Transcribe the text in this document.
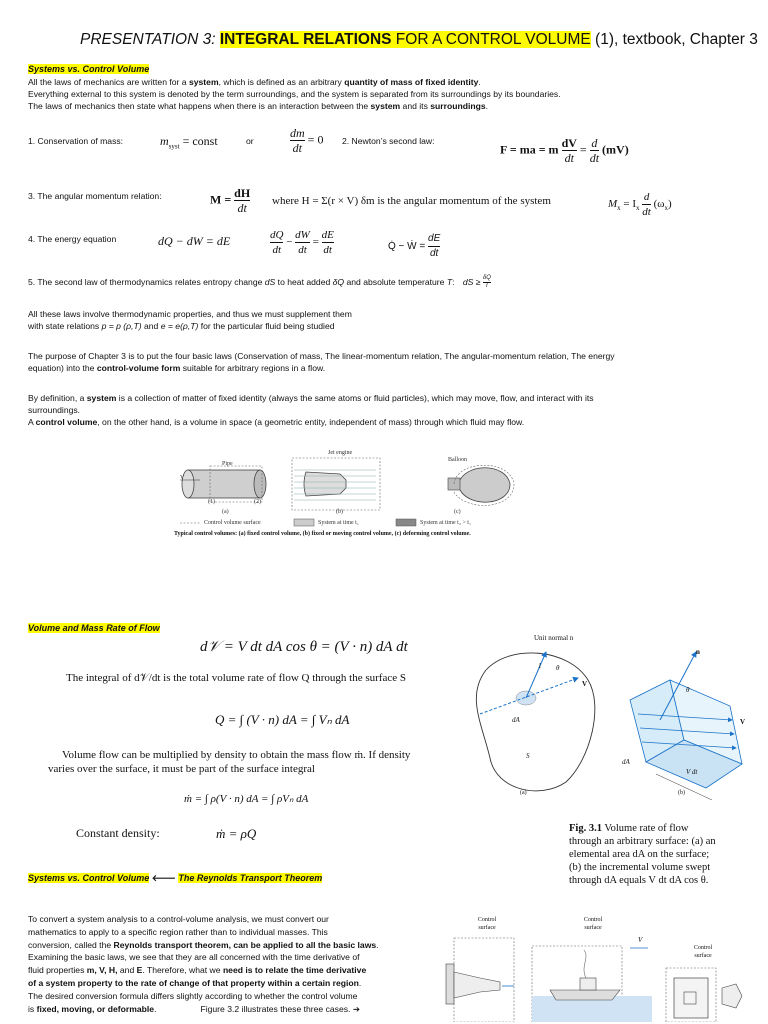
PRESENTATION 3: INTEGRAL RELATIONS FOR A CONTROL VOLUME (1), textbook, Chapter 3
Systems vs. Control Volume
All the laws of mechanics are written for a system, which is defined as an arbitrary quantity of mass of fixed identity.
Everything external to this system is denoted by the term surroundings, and the system is separated from its surroundings by its boundaries.
The laws of mechanics then state what happens when there is an interaction between the system and its surroundings.
1. Conservation of mass:	$m_{syst}$ = const	or	$\frac{dm}{dt} = 0$ 2. Newton’s second law:
F = ma = m $\frac{dV}{dt} = \frac{d}{dt} (mV)$
3. The angular momentum relation:	$M = \frac{dH}{dt}$ where H = Σ(r × V) δm is the angular momentum of the system	$M_x = I_x \frac{d}{dt} (\omega_x)$
4. The energy equation	dQ − dW = dE	$\frac{dQ}{dt} - \frac{dW}{dt} = \frac{dE}{dt}$	Q̇ − Ẇ = $\frac{dE}{dt}$
5. The second law of thermodynamics relates entropy change dS to heat added δQ and absolute temperature T: dS ≥ $\frac{\delta Q}{T}$
All these laws involve thermodynamic properties, and thus we must supplement them
with state relations p = p (ρ,T) and e = e(ρ,T) for the particular fluid being studied
The purpose of Chapter 3 is to put the four basic laws (Conservation of mass, The linear-momentum relation, The angular-momentum relation, The energy
equation) into the control-volume form suitable for arbitrary regions in a flow.
By definition, a system is a collection of matter of fixed identity (always the same atoms or fluid particles), which may move, flow, and interact with its
surroundings.
A control volume, on the other hand, is a volume in space (a geometric entity, independent of mass) through which fluid may flow.
Pipe
Jet engine
Balloon
V
(1)	(2)
(a)	(b)	(c)
Control volume surface	System at time t₁	System at time t₂ > t₁
Typical control volumes: (a) fixed control volume, (b) fixed or moving control volume, (c) deforming control volume.
Volume and Mass Rate of Flow
d𝒱 = V dt dA cos θ = (V · n) dA dt
The integral of d𝒱/dt is the total volume rate of flow Q through the surface S
Q = ∫ (V · n) dA = ∫ Vₙ dA
Volume flow can be multiplied by density to obtain the mass flow ṁ. If density
varies over the surface, it must be part of the surface integral
ṁ = ∫ ρ(V · n) dA = ∫ ρVₙ dA
Constant density:	ṁ = ρQ
Unit normal n
n
θ
θ
V
V
1
dA
dA
S
V dt
(a)	(b)
Fig. 3.1 Volume rate of flow
through an arbitrary surface: (a) an
elemental area dA on the surface;
(b) the incremental volume swept
through dA equals V dt dA cos θ.
Systems vs. Control Volume 🡐 The Reynolds Transport Theorem
To convert a system analysis to a control-volume analysis, we must convert our
mathematics to apply to a specific region rather than to individual masses. This
conversion, called the Reynolds transport theorem, can be applied to all the basic laws.
Examining the basic laws, we see that they are all concerned with the time derivative of
fluid properties m, V, H, and E. Therefore, what we need is to relate the time derivative
of a system property to the rate of change of that property within a certain region.
The desired conversion formula differs slightly according to whether the control volume
is fixed, moving, or deformable.	Figure 3.2 illustrates these three cases. ➔
Control surface
Control surface
Control surface
V
